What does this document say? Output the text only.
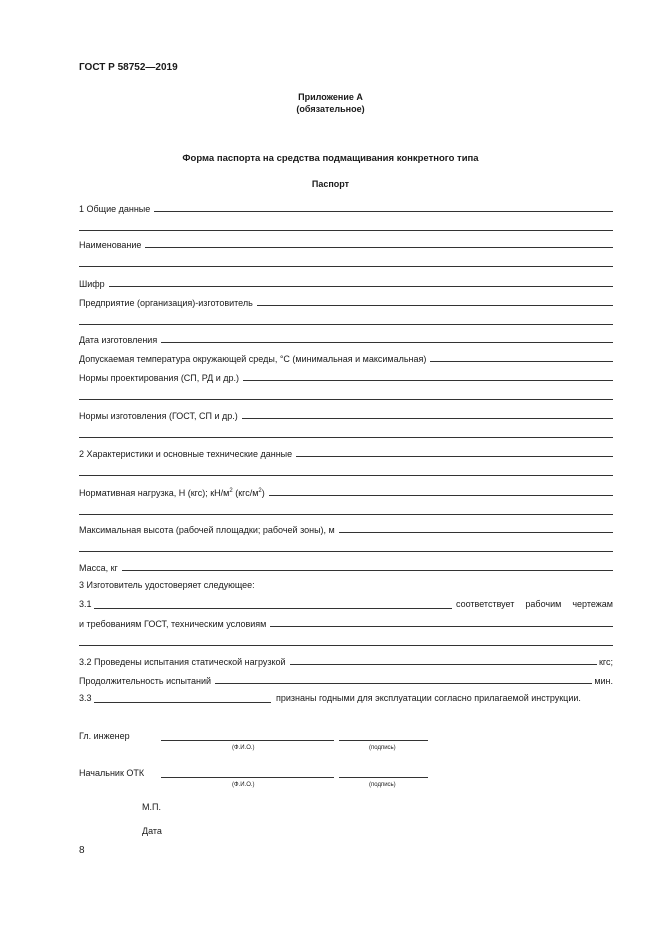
ГОСТ Р 58752—2019
Приложение А
(обязательное)
Форма паспорта на средства подмащивания конкретного типа
Паспорт
1 Общие данные
Наименование
Шифр
Предприятие (организация)-изготовитель
Дата изготовления
Допускаемая температура окружающей среды, °С (минимальная и максимальная)
Нормы проектирования (СП, РД и др.)
Нормы изготовления (ГОСТ, СП и др.)
2 Характеристики и основные технические данные
Нормативная нагрузка, Н (кгс); $кН/м^2$ $(кгс/м^2)$
Максимальная высота (рабочей площадки; рабочей зоны), м
Масса, кг
3 Изготовитель удостоверяет следующее:
3.1	соответствует рабочим чертежам
и требованиям ГОСТ, техническим условиям
3.2 Проведены испытания статической нагрузкой	кгс;
Продолжительность испытаний	мин.
3.3	признаны годными для эксплуатации согласно прилагаемой инструкции.
Гл. инженер
(Ф.И.О.)	(подпись)
Начальник ОТК
(Ф.И.О.)	(подпись)
М.П.
Дата
8
